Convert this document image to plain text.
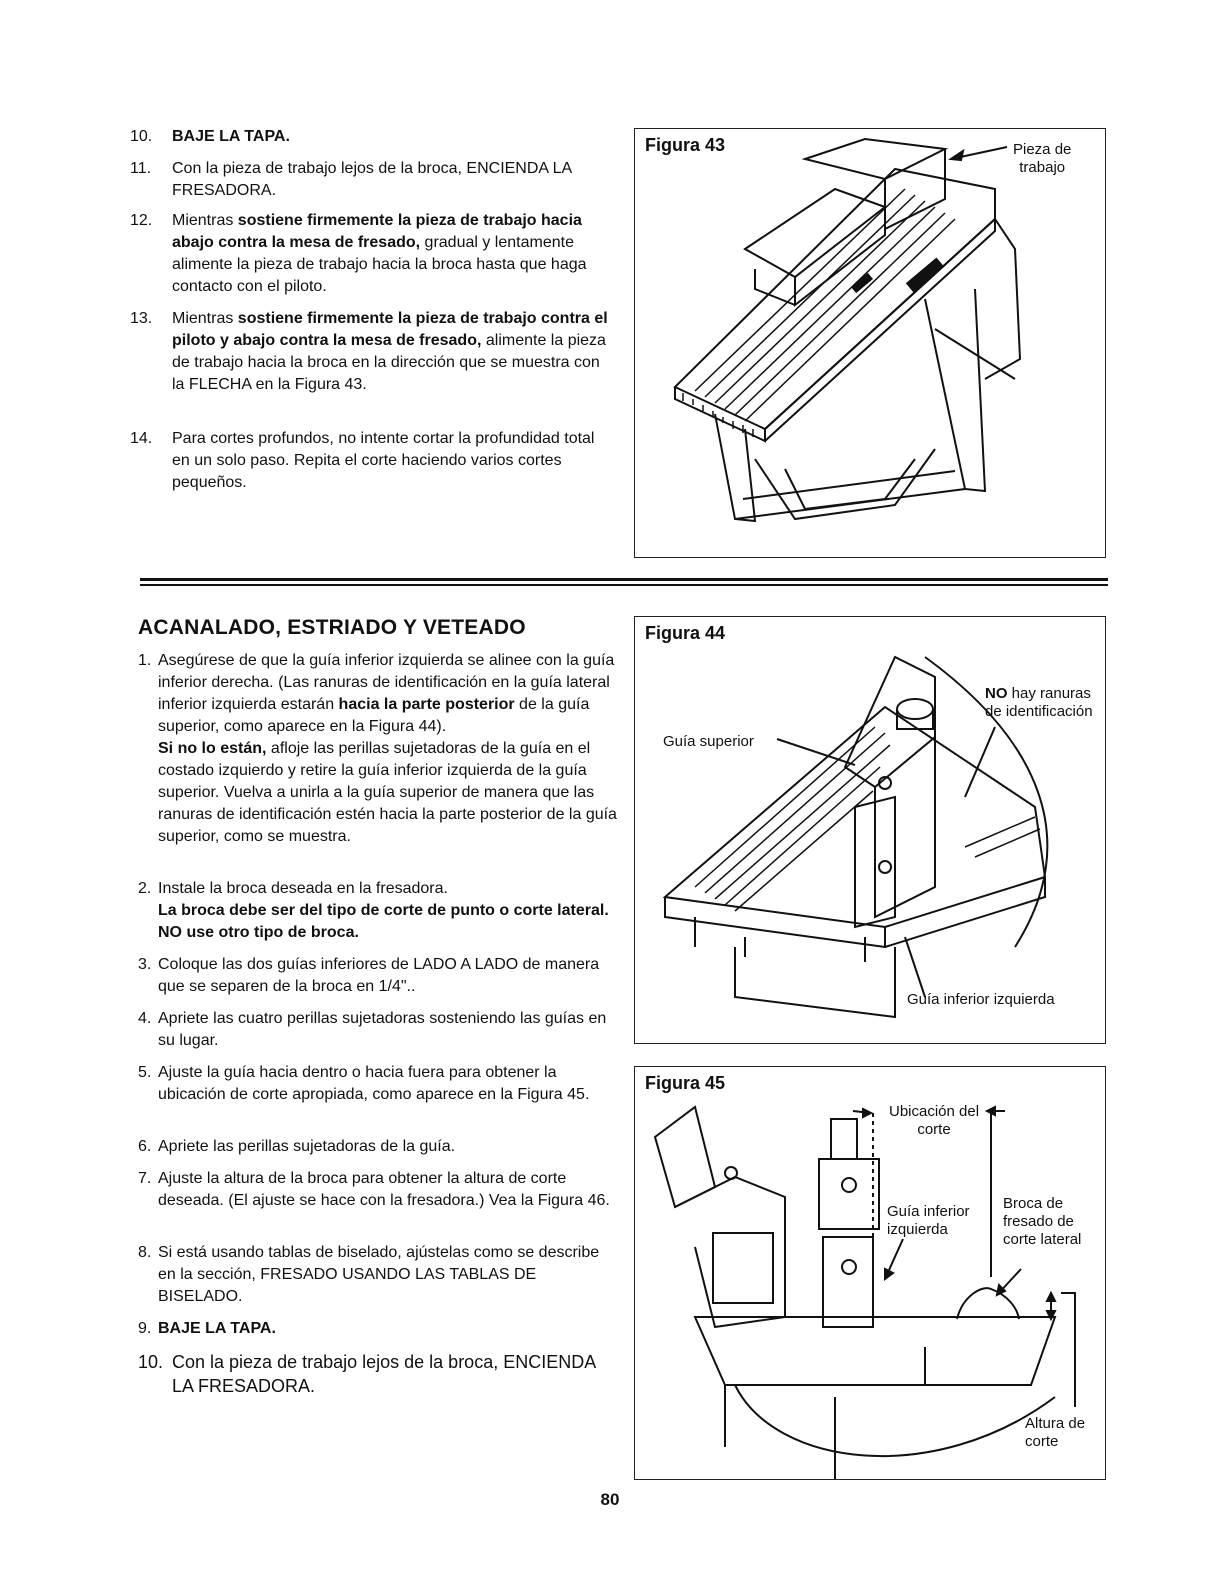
10. BAJE LA TAPA.
11. Con la pieza de trabajo lejos de la broca, ENCIENDA LA FRESADORA.
12. Mientras sostiene firmemente la pieza de trabajo hacia abajo contra la mesa de fresado, gradual y lentamente alimente la pieza de trabajo hacia la broca hasta que haga contacto con el piloto.
13. Mientras sostiene firmemente la pieza de trabajo contra el piloto y abajo contra la mesa de fresado, alimente la pieza de trabajo hacia la broca en la dirección que se muestra con la FLECHA en la Figura 43.
14. Para cortes profundos, no intente cortar la profundidad total en un solo paso. Repita el corte haciendo varios cortes pequeños.
Figura 43	Pieza de
trabajo
ACANALADO, ESTRIADO Y VETEADO
1. Asegúrese de que la guía inferior izquierda se alinee con la guía inferior derecha. (Las ranuras de identificación en la guía lateral inferior izquierda estarán hacia la parte posterior de la guía superior, como aparece en la Figura 44).
Si no lo están, afloje las perillas sujetadoras de la guía en el costado izquierdo y retire la guía inferior izquierda de la guía superior. Vuelva a unirla a la guía superior de manera que las ranuras de identificación estén hacia la parte posterior de la guía superior, como se muestra.
2. Instale la broca deseada en la fresadora.
La broca debe ser del tipo de corte de punto o corte lateral. NO use otro tipo de broca.
3. Coloque las dos guías inferiores de LADO A LADO de manera que se separen de la broca en 1/4"..
4. Apriete las cuatro perillas sujetadoras sosteniendo las guías en su lugar.
5. Ajuste la guía hacia dentro o hacia fuera para obtener la ubicación de corte apropiada, como aparece en la Figura 45.
6. Apriete las perillas sujetadoras de la guía.
7. Ajuste la altura de la broca para obtener la altura de corte deseada. (El ajuste se hace con la fresadora.) Vea la Figura 46.
8. Si está usando tablas de biselado, ajústelas como se describe en la sección, FRESADO USANDO LAS TABLAS DE BISELADO.
9. BAJE LA TAPA.
10. Con la pieza de trabajo lejos de la broca, ENCIENDA LA FRESADORA.
Figura 44
NO hay ranuras
de identificación
Guía superior
Guía inferior izquierda
Figura 45
Ubicación del
corte
Guía inferior
izquierda
Broca de
fresado de
corte lateral
Altura de
corte
80
